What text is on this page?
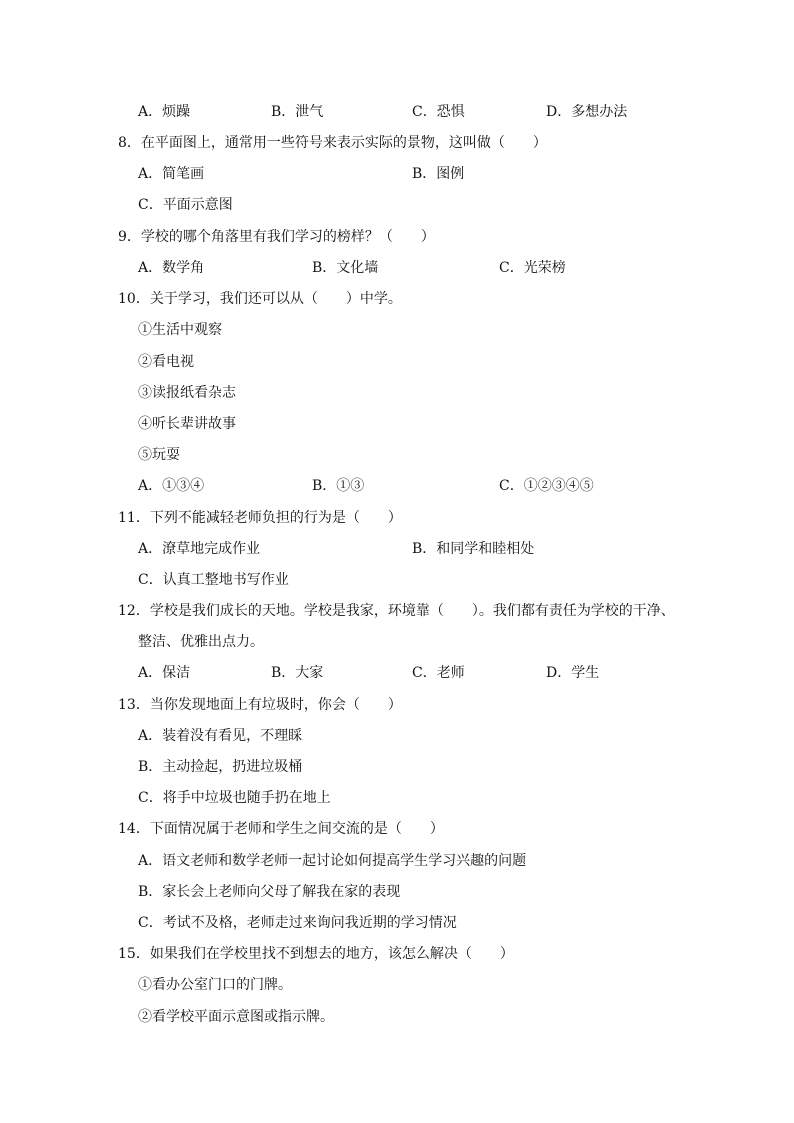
A．烦躁	B．泄气	C．恐惧	D．多想办法
8．在平面图上，通常用一些符号来表示实际的景物，这叫做（　　）
A．简笔画	B．图例
C．平面示意图
9．学校的哪个角落里有我们学习的榜样？（　　）
A．数学角	B．文化墙	C．光荣榜
10．关于学习，我们还可以从（　　）中学。
①生活中观察
②看电视
③读报纸看杂志
④听长辈讲故事
⑤玩耍
A．①③④	B．①③	C．①②③④⑤
11．下列不能减轻老师负担的行为是（　　）
A．潦草地完成作业	B．和同学和睦相处
C．认真工整地书写作业
12．学校是我们成长的天地。学校是我家，环境靠（　　）。我们都有责任为学校的干净、
整洁、优雅出点力。
A．保洁	B．大家	C．老师	D．学生
13．当你发现地面上有垃圾时，你会（　　）
A．装着没有看见，不理睬
B．主动捡起，扔进垃圾桶
C．将手中垃圾也随手扔在地上
14．下面情况属于老师和学生之间交流的是（　　）
A．语文老师和数学老师一起讨论如何提高学生学习兴趣的问题
B．家长会上老师向父母了解我在家的表现
C．考试不及格，老师走过来询问我近期的学习情况
15．如果我们在学校里找不到想去的地方，该怎么解决（　　）
①看办公室门口的门牌。
②看学校平面示意图或指示牌。
